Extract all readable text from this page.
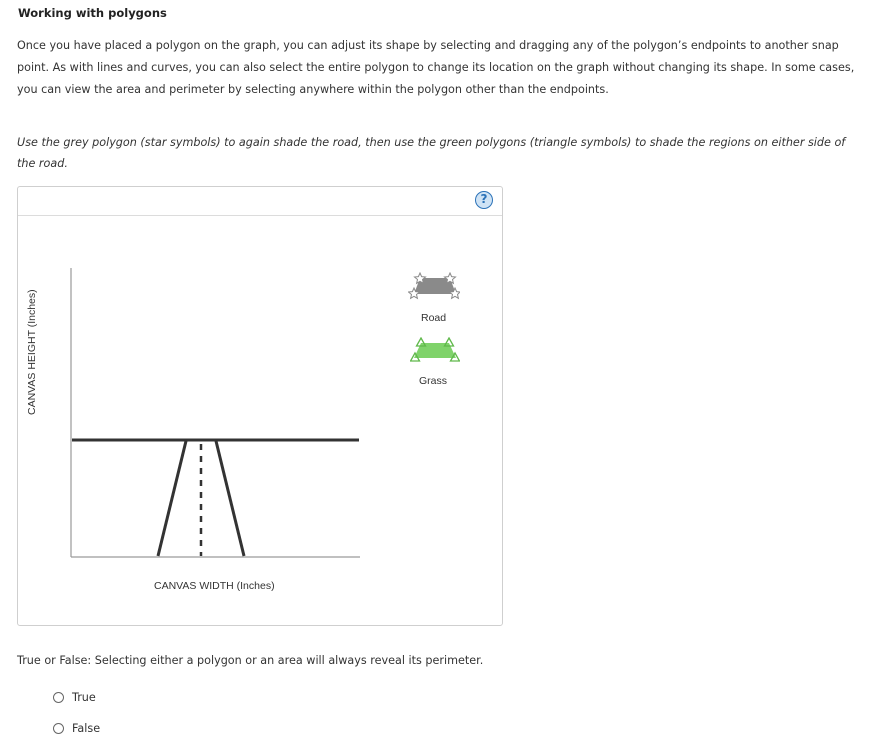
Working with polygons
Once you have placed a polygon on the graph, you can adjust its shape by selecting and dragging any of the polygon’s endpoints to another snap point. As with lines and curves, you can also select the entire polygon to change its location on the graph without changing its shape. In some cases, you can view the area and perimeter by selecting anywhere within the polygon other than the endpoints.
Use the grey polygon (star symbols) to again shade the road, then use the green polygons (triangle symbols) to shade the regions on either side of the road.
?
CANVAS HEIGHT (Inches)
CANVAS WIDTH (Inches)
Road
Grass
True or False: Selecting either a polygon or an area will always reveal its perimeter.
True
False
